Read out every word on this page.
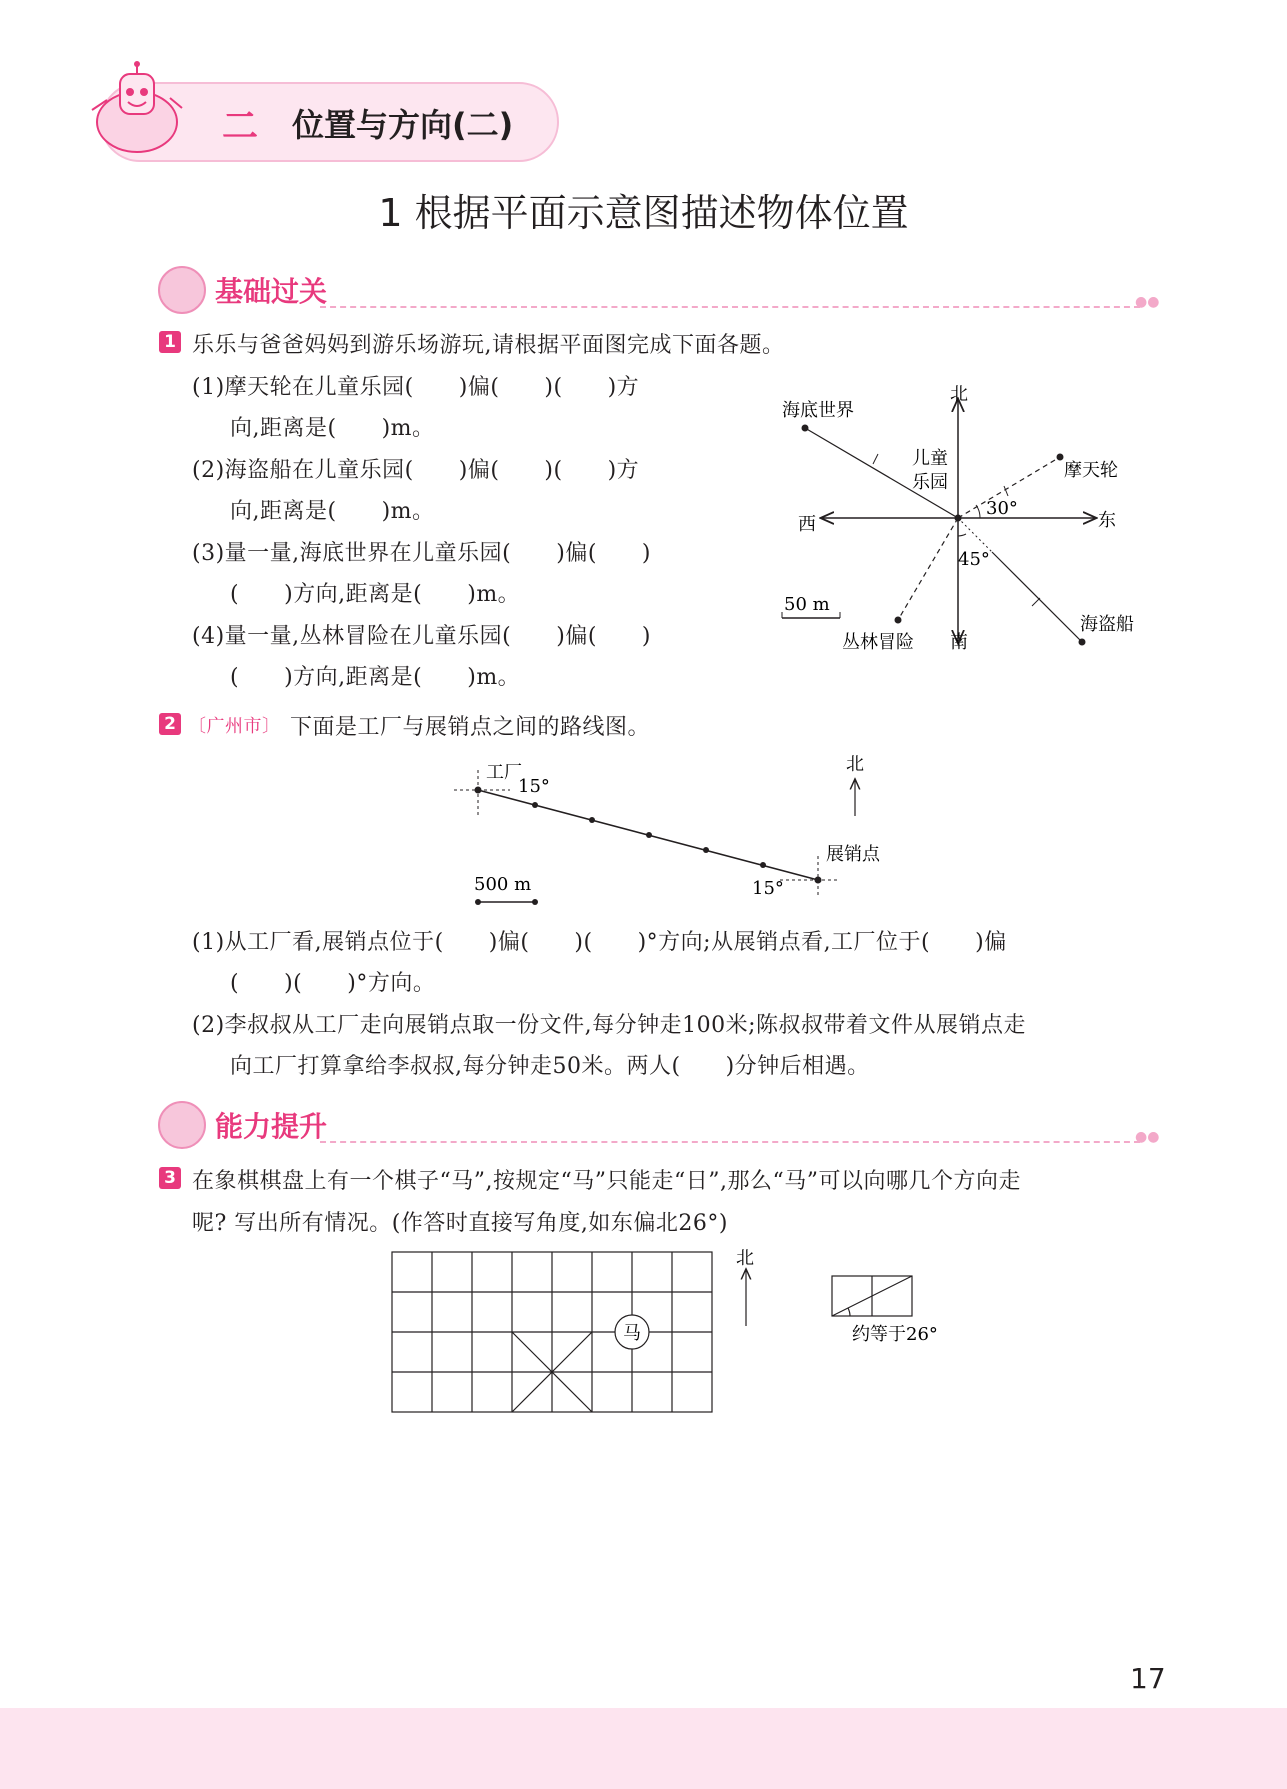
二 位置与方向(二)
1 根据平面示意图描述物体位置
基础过关	●●
1 乐乐与爸爸妈妈到游乐场游玩,请根据平面图完成下面各题。
(1)摩天轮在儿童乐园(　　)偏(　　)(　　)方
向,距离是(　　)m。
(2)海盗船在儿童乐园(　　)偏(　　)(　　)方
向,距离是(　　)m。
(3)量一量,海底世界在儿童乐园(　　)偏(　　)
(　　)方向,距离是(　　)m。
(4)量一量,丛林冒险在儿童乐园(　　)偏(　　)
(　　)方向,距离是(　　)m。
北
南
东
西
儿童
乐园
摩天轮
海底世界
海盗船
丛林冒险
30°
45°
50 m
2 〔广州市〕 下面是工厂与展销点之间的路线图。
工厂
展销点
北
15°
15°
500 m
(1)从工厂看,展销点位于(　　)偏(　　)(　　)°方向;从展销点看,工厂位于(　　)偏
(　　)(　　)°方向。
(2)李叔叔从工厂走向展销点取一份文件,每分钟走100米;陈叔叔带着文件从展销点走
向工厂打算拿给李叔叔,每分钟走50米。两人(　　)分钟后相遇。
能力提升	●●
3 在象棋棋盘上有一个棋子“马”,按规定“马”只能走“日”,那么“马”可以向哪几个方向走
呢? 写出所有情况。(作答时直接写角度,如东偏北26°)
马
北
约等于26°
17
